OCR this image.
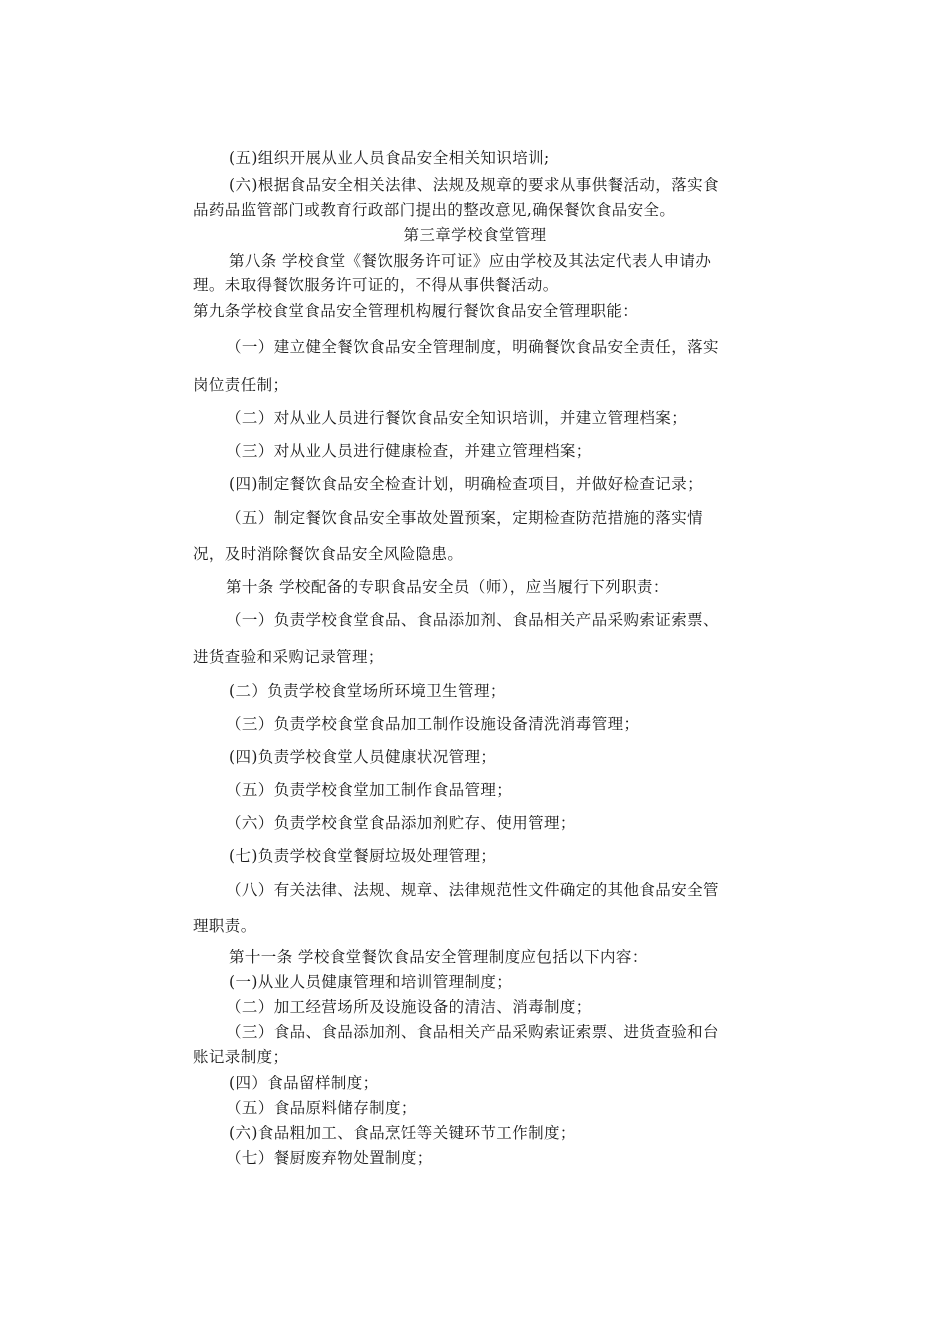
(五)组织开展从业人员食品安全相关知识培训;
(六)根据食品安全相关法律、法规及规章的要求从事供餐活动，落实食
品药品监管部门或教育行政部门提出的整改意见,确保餐饮食品安全。
第三章学校食堂管理
第八条 学校食堂《餐饮服务许可证》应由学校及其法定代表人申请办
理。未取得餐饮服务许可证的，不得从事供餐活动。
第九条学校食堂食品安全管理机构履行餐饮食品安全管理职能：
（一）建立健全餐饮食品安全管理制度，明确餐饮食品安全责任，落实
岗位责任制；
（二）对从业人员进行餐饮食品安全知识培训，并建立管理档案；
（三）对从业人员进行健康检查，并建立管理档案；
(四)制定餐饮食品安全检查计划，明确检查项目，并做好检查记录；
（五）制定餐饮食品安全事故处置预案，定期检查防范措施的落实情
况，及时消除餐饮食品安全风险隐患。
第十条 学校配备的专职食品安全员（师），应当履行下列职责：
（一）负责学校食堂食品、食品添加剂、食品相关产品采购索证索票、
进货查验和采购记录管理；
(二）负责学校食堂场所环境卫生管理；
（三）负责学校食堂食品加工制作设施设备清洗消毒管理；
(四)负责学校食堂人员健康状况管理；
（五）负责学校食堂加工制作食品管理；
（六）负责学校食堂食品添加剂贮存、使用管理；
(七)负责学校食堂餐厨垃圾处理管理；
（八）有关法律、法规、规章、法律规范性文件确定的其他食品安全管
理职责。
第十一条 学校食堂餐饮食品安全管理制度应包括以下内容：
(一)从业人员健康管理和培训管理制度；
（二）加工经营场所及设施设备的清洁、消毒制度；
（三）食品、食品添加剂、食品相关产品采购索证索票、进货查验和台
账记录制度；
(四）食品留样制度；
（五）食品原料储存制度；
(六)食品粗加工、食品烹饪等关键环节工作制度；
（七）餐厨废弃物处置制度；
